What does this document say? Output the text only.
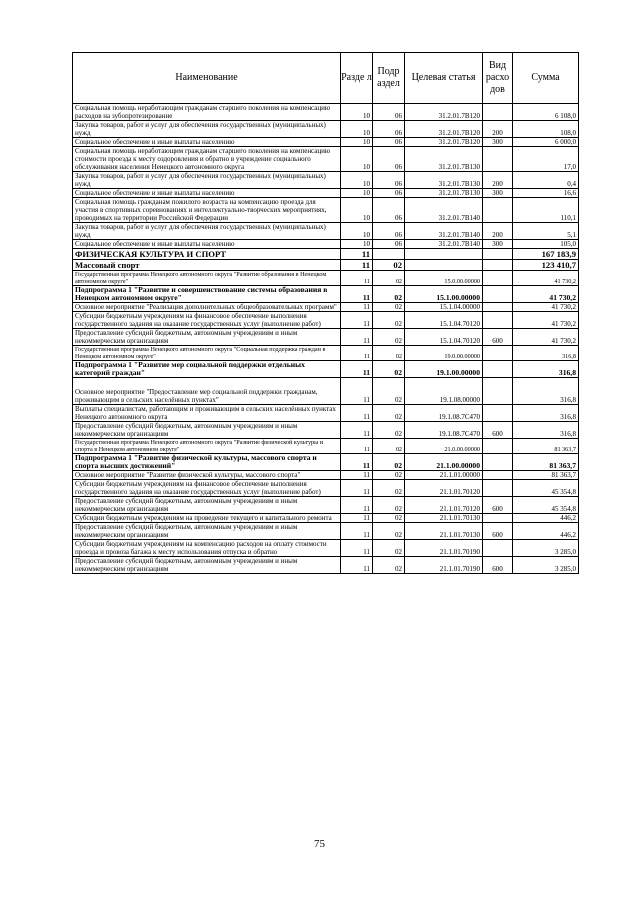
Наименование	Разде л	Подр аздел	Целевая статья	Вид расхо дов	Сумма
Социальная помощь неработающим гражданам старшего поколения на компенсацию расходов на зубопротезирование	10	06	31.2.01.7В120		6 108,0
Закупка товаров, работ и услуг для обеспечения государственных (муниципальных) нужд	10	06	31.2.01.7В120	200	108,0
Социальное обеспечение и иные выплаты населению	10	06	31.2.01.7В120	300	6 000,0
Социальная помощь неработающим гражданам старшего поколения на компенсацию стоимости проезда к месту оздоровления и обратно в учреждение социального обслуживания населения Ненецкого автономного округа	10	06	31.2.01.7В130		17,0
Закупка товаров, работ и услуг для обеспечения государственных (муниципальных) нужд	10	06	31.2.01.7В130	200	0,4
Социальное обеспечение и иные выплаты населению	10	06	31.2.01.7В130	300	16,6
Социальная помощь гражданам пожилого возраста на компенсацию проезда для участия в спортивных соревнованиях и интеллектуально-творческих мероприятиях, проводимых на территории Российской Федерации	10	06	31.2.01.7В140		110,1
Закупка товаров, работ и услуг для обеспечения государственных (муниципальных) нужд	10	06	31.2.01.7В140	200	5,1
Социальное обеспечение и иные выплаты населению	10	06	31.2.01.7В140	300	105,0
ФИЗИЧЕСКАЯ КУЛЬТУРА И СПОРТ	11				167 183,9
Массовый спорт	11	02			123 410,7
Государственная программа Ненецкого автономного округа "Развитие образования в Ненецком автономном округе"	11	02	15.0.00.00000		41 730,2
Подпрограмма 1 "Развитие и совершенствование системы образования в Ненецком автономном округе"	11	02	15.1.00.00000		41 730,2
Основное мероприятие "Реализация дополнительных общеобразовательных программ"	11	02	15.1.04.00000		41 730,2
Субсидии бюджетным учреждениям на финансовое обеспечение выполнения государственного задания на оказание государственных услуг (выполнение работ)	11	02	15.1.04.70120		41 730,2
Предоставление субсидий бюджетным, автономным учреждениям и иным некоммерческим организациям	11	02	15.1.04.70120	600	41 730,2
Государственная программа Ненецкого автономного округа "Социальная поддержка граждан в Ненецком автономном округе"	11	02	19.0.00.00000		316,8
Подпрограмма 1 "Развитие мер социальной поддержки отдельных категорий граждан"	11	02	19.1.00.00000		316,8
Основное мероприятие "Предоставление мер социальной поддержки гражданам, проживающим в сельских населённых пунктах"	11	02	19.1.08.00000		316,8
Выплаты специалистам, работающим и проживающим в сельских населённых пунктах Ненецкого автономного округа	11	02	19.1.08.7С470		316,8
Предоставление субсидий бюджетным, автономным учреждениям и иным некоммерческим организациям	11	02	19.1.08.7С470	600	316,8
Государственная программа Ненецкого автономного округа "Развитие физической культуры и спорта в Ненецком автономном округе"	11	02	21.0.00.00000		81 363,7
Подпрограмма 1 "Развитие физической культуры, массового спорта и спорта высших достижений"	11	02	21.1.00.00000		81 363,7
Основное мероприятие "Развитие физической культуры, массового спорта"	11	02	21.1.01.00000		81 363,7
Субсидии бюджетным учреждениям на финансовое обеспечение выполнения государственного задания на оказание государственных услуг (выполнение работ)	11	02	21.1.01.70120		45 354,8
Предоставление субсидий бюджетным, автономным учреждениям и иным некоммерческим организациям	11	02	21.1.01.70120	600	45 354,8
Субсидии бюджетным учреждениям на проведение текущего и капитального ремонта	11	02	21.1.01.70130		446,2
Предоставление субсидий бюджетным, автономным учреждениям и иным некоммерческим организациям	11	02	21.1.01.70130	600	446,2
Субсидии бюджетным учреждениям на компенсацию расходов на оплату стоимости проезда и провоза багажа к месту использования отпуска и обратно	11	02	21.1.01.70190		3 285,0
Предоставление субсидий бюджетным, автономным учреждениям и иным некоммерческим организациям	11	02	21.1.01.70190	600	3 285,0
75
